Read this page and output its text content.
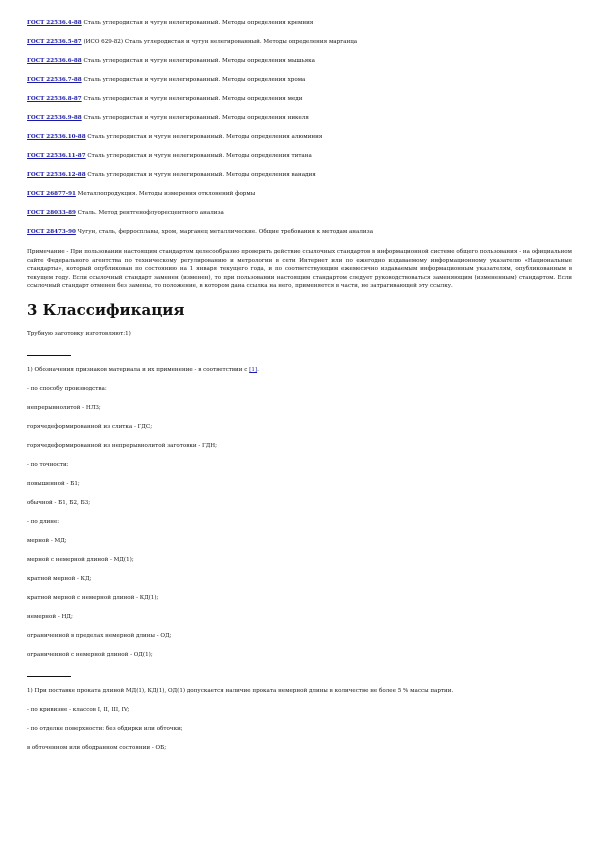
ГОСТ 22536.4-88 Сталь углеродистая и чугун нелегированный. Методы определения кремния

ГОСТ 22536.5-87 (ИСО 629-82) Сталь углеродистая и чугун нелегированный. Методы определения марганца

ГОСТ 22536.6-88 Сталь углеродистая и чугун нелегированный. Методы определения мышьяка

ГОСТ 22536.7-88 Сталь углеродистая и чугун нелегированный. Методы определения хрома

ГОСТ 22536.8-87 Сталь углеродистая и чугун нелегированный. Методы определения меди

ГОСТ 22536.9-88 Сталь углеродистая и чугун нелегированный. Методы определения никеля

ГОСТ 22536.10-88 Сталь углеродистая и чугун нелегированный. Методы определения алюминия

ГОСТ 22536.11-87 Сталь углеродистая и чугун нелегированный. Методы определения титана

ГОСТ 22536.12-88 Сталь углеродистая и чугун нелегированный. Методы определения ванадия

ГОСТ 26877-91 Металлопродукция. Методы измерения отклонений формы

ГОСТ 28033-89 Сталь. Метод рентгенофлуоресцентного анализа

ГОСТ 28473-90 Чугун, сталь, ферросплавы, хром, марганец металлические. Общие требования к методам анализа

Примечание - При пользовании настоящим стандартом целесообразно проверить действие ссылочных стандартов в информационной системе общего пользования - на официальном сайте Федерального агентства по техническому регулированию и метрологии в сети Интернет или по ежегодно издаваемому информационному указателю «Национальные стандарты», который опубликован по состоянию на 1 января текущего года, и по соответствующим ежемесячно издаваемым информационным указателям, опубликованным в текущем году. Если ссылочный стандарт заменен (изменен), то при пользовании настоящим стандартом следует руководствоваться заменяющим (измененным) стандартом. Если ссылочный стандарт отменен без замены, то положение, в котором дана ссылка на него, применяется в части, не затрагивающей эту ссылку.

3 Классификация

Трубную заготовку изготовляют:1)

1) Обозначения признаков материала и их применение - в соответствии с [1].

- по способу производства:

непрерывнолитой - НЛЗ;

горячедеформированной из слитка - ГДС;

горячедеформированной из непрерывнолитой заготовки - ГДН;

- по точности:

повышенной - Б1;

обычной - Б1, Б2, Б3;

- по длине:

мерной - МД;

мерной с немерной длиной - МД(1);

кратной мерной - КД;

кратной мерной с немерной длиной - КД(1);

немерной - НД;

ограниченной в пределах немерной длины - ОД;

ограниченной с немерной длиной - ОД(1);

1) При поставке проката длиной МД(1), КД(1), ОД(1) допускается наличие проката немерной длины в количестве не более 5 % массы партии.

- по кривизне - классов I, II, III, IV;

- по отделке поверхности: без обдирки или обточки;

в обточенном или ободранном состоянии - ОБ;
